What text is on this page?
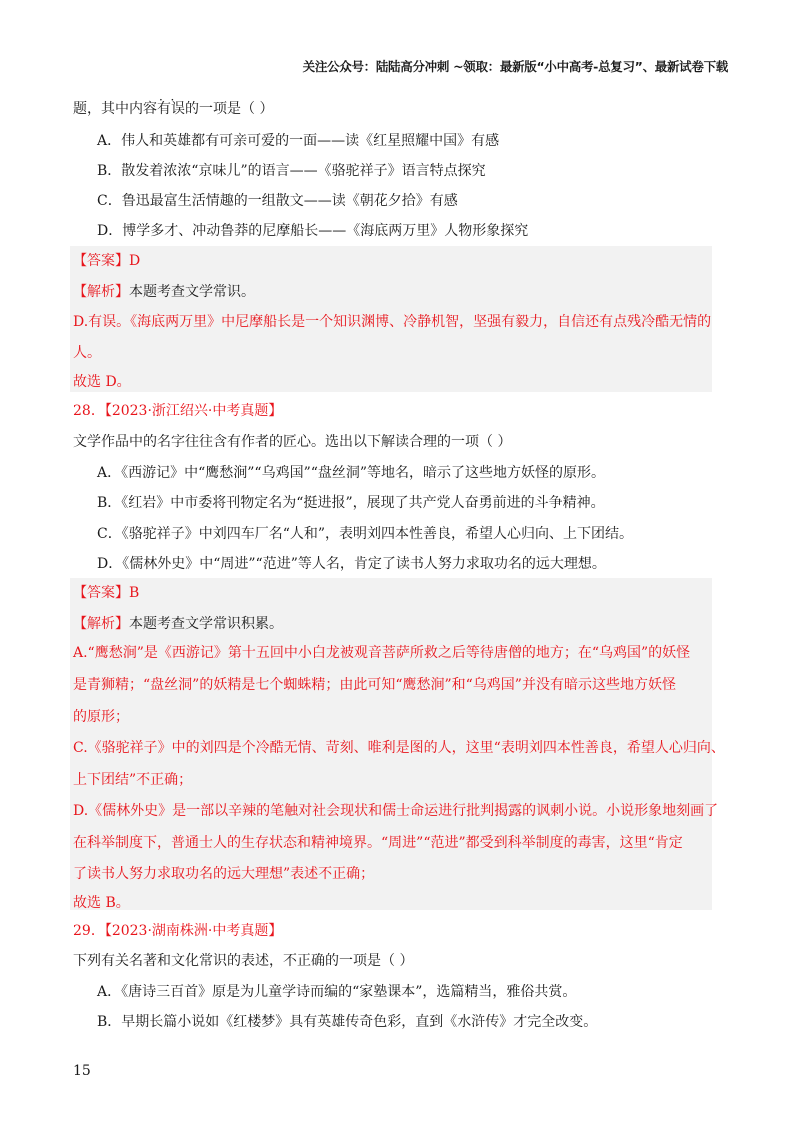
关注公众号：陆陆高分冲刺 ~领取：最新版“小中高考-总复习”、最新试卷下载
题，其中内容·  · 有误的一项是（ ）
A．伟人和英雄都有可亲可爱的一面——读《红星照耀中国》有感
B．散发着浓浓“京味儿”的语言——《骆驼祥子》语言特点探究
C．鲁迅最富生活情趣的一组散文——读《朝花夕拾》有感
D．博学多才、冲动鲁莽的尼摩船长——《海底两万里》人物形象探究
【答案】D
【解析】本题考查文学常识。
D.有误。《海底两万里》中尼摩船长是一个知识渊博、冷静机智，坚强有毅力，自信还有点残冷酷无情的
人。
故选 D。
28．【2023·浙江绍兴·中考真题】
文学作品中的名字往往含有作者的匠心。选出以下解读合理的一项（ ）
A．《西游记》中“鹰愁涧”“乌鸡国”“盘丝洞”等地名，暗示了这些地方妖怪的原形。
B．《红岩》中市委将刊物定名为“挺进报”，展现了共产党人奋勇前进的斗争精神。
C．《骆驼祥子》中刘四车厂名“人和”，表明刘四本性善良，希望人心归向、上下团结。
D．《儒林外史》中“周进”“范进”等人名，肯定了读书人努力求取功名的远大理想。
【答案】B
【解析】本题考查文学常识积累。
A.“鹰愁涧”是《西游记》第十五回中小白龙被观音菩萨所救之后等待唐僧的地方；在“乌鸡国”的妖怪
是青狮精；“盘丝洞”的妖精是七个蜘蛛精；由此可知“鹰愁涧”和“乌鸡国”并没有暗示这些地方妖怪
的原形；
C.《骆驼祥子》中的刘四是个冷酷无情、苛刻、唯利是图的人，这里“表明刘四本性善良，希望人心归向、
上下团结”不正确；
D.《儒林外史》是一部以辛辣的笔触对社会现状和儒士命运进行批判揭露的讽刺小说。小说形象地刻画了
在科举制度下，普通士人的生存状态和精神境界。“周进”“范进”都受到科举制度的毒害，这里“肯定
了读书人努力求取功名的远大理想”表述不正确；
故选 B。
29．【2023·湖南株洲·中考真题】
下列有关名著和文化常识的表述，不正确的一项是（ ）
A．《唐诗三百首》原是为儿童学诗而编的“家塾课本”，选篇精当，雅俗共赏。
B．早期长篇小说如《红楼梦》具有英雄传奇色彩，直到《水浒传》才完全改变。
15
